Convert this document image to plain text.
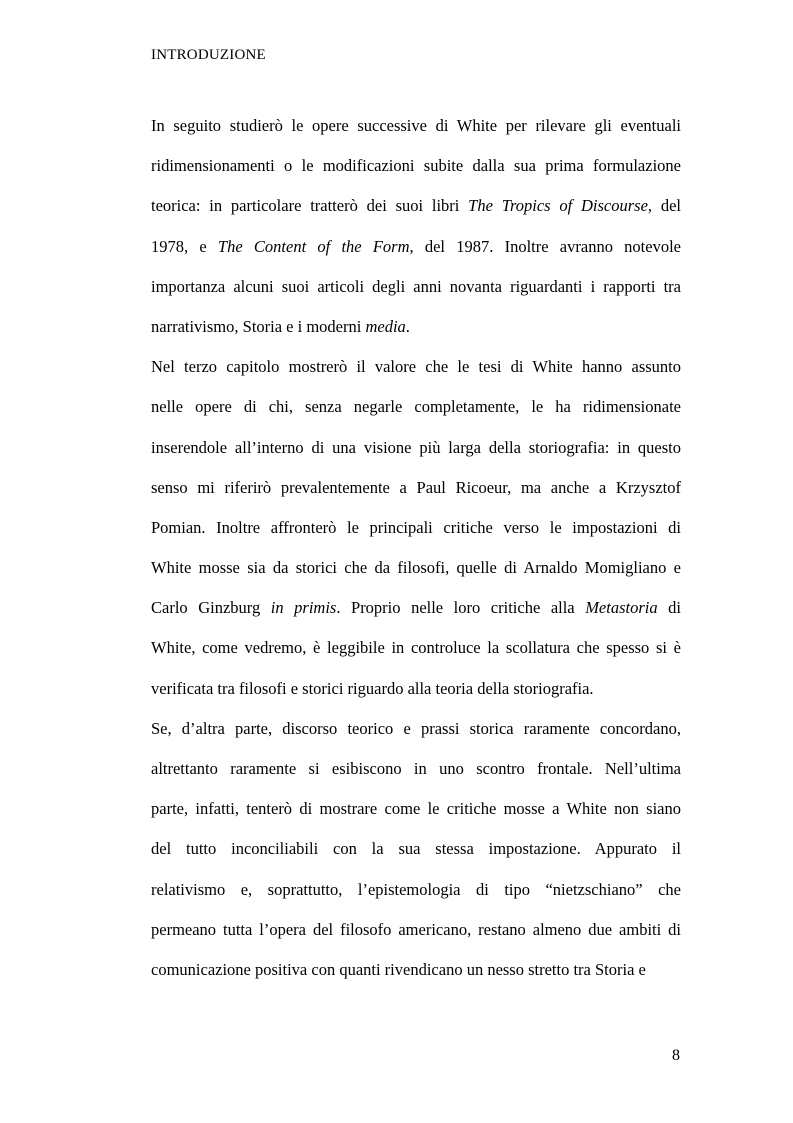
INTRODUZIONE
In seguito studierò le opere successive di White per rilevare gli eventuali
ridimensionamenti o le modificazioni subite dalla sua prima formulazione
teorica: in particolare tratterò dei suoi libri The Tropics of Discourse, del
1978, e The Content of the Form, del 1987. Inoltre avranno notevole
importanza alcuni suoi articoli degli anni novanta riguardanti i rapporti tra
narrativismo, Storia e i moderni media.
Nel terzo capitolo mostrerò il valore che le tesi di White hanno assunto
nelle opere di chi, senza negarle completamente, le ha ridimensionate
inserendole all’interno di una visione più larga della storiografia: in questo
senso mi riferirò prevalentemente a Paul Ricoeur, ma anche a Krzysztof
Pomian. Inoltre affronterò le principali critiche verso le impostazioni di
White mosse sia da storici che da filosofi, quelle di Arnaldo Momigliano e
Carlo Ginzburg in primis. Proprio nelle loro critiche alla Metastoria di
White, come vedremo, è leggibile in controluce la scollatura che spesso si è
verificata tra filosofi e storici riguardo alla teoria della storiografia.
Se, d’altra parte, discorso teorico e prassi storica raramente concordano,
altrettanto raramente si esibiscono in uno scontro frontale. Nell’ultima
parte, infatti, tenterò di mostrare come le critiche mosse a White non siano
del tutto inconciliabili con la sua stessa impostazione. Appurato il
relativismo e, soprattutto, l’epistemologia di tipo “nietzschiano” che
permeano tutta l’opera del filosofo americano, restano almeno due ambiti di
comunicazione positiva con quanti rivendicano un nesso stretto tra Storia e
8
